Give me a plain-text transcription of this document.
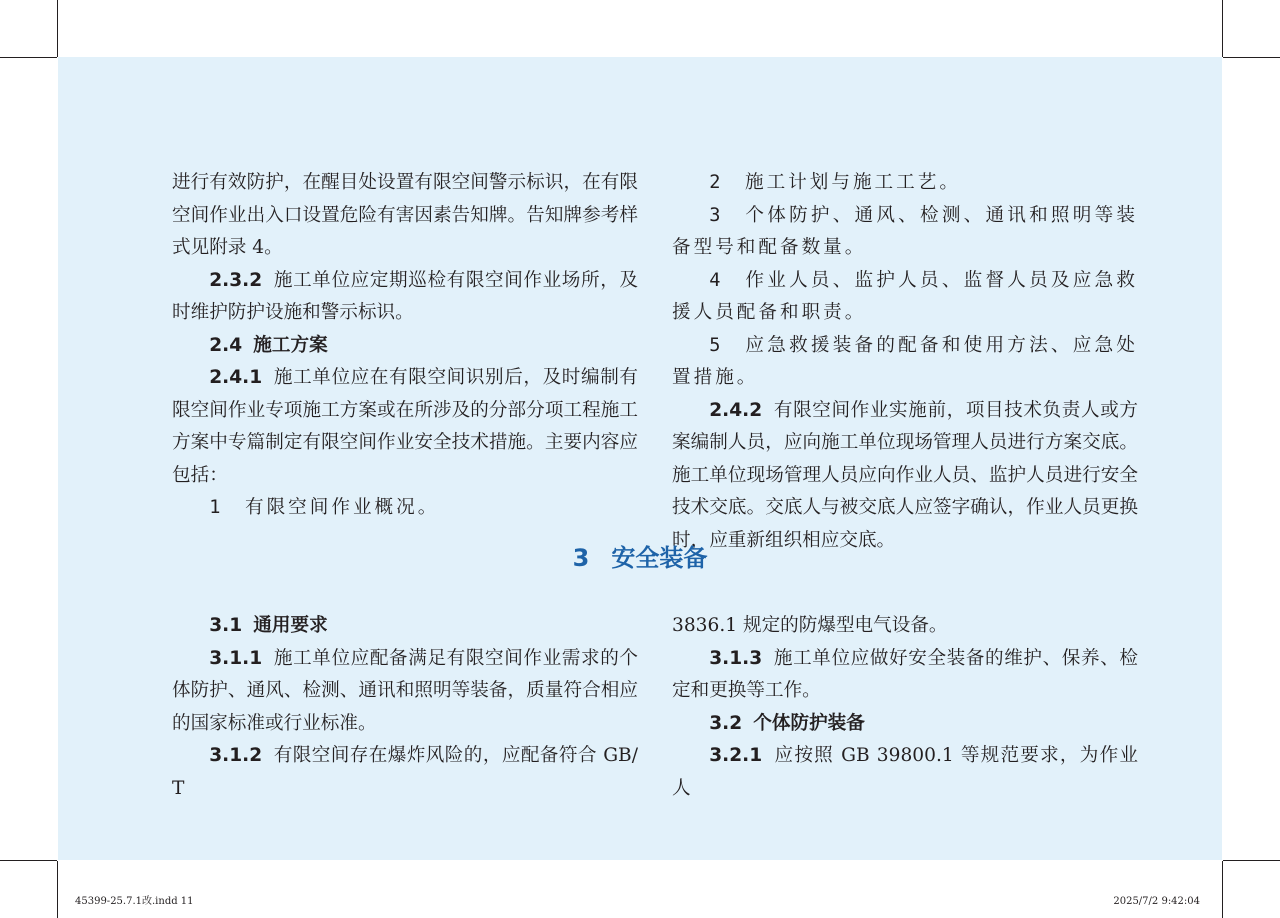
进行有效防护，在醒目处设置有限空间警示标识，在有限空间作业出入口设置危险有害因素告知牌。告知牌参考样式见附录 4。

2.3.2 施工单位应定期巡检有限空间作业场所，及时维护防护设施和警示标识。

2.4 施工方案

2.4.1 施工单位应在有限空间识别后，及时编制有限空间作业专项施工方案或在所涉及的分部分项工程施工方案中专篇制定有限空间作业安全技术措施。主要内容应包括：

1　有限空间作业概况。

2　施工计划与施工工艺。

3　个体防护、通风、检测、通讯和照明等装备型号和配备数量。

4　作业人员、监护人员、监督人员及应急救援人员配备和职责。

5　应急救援装备的配备和使用方法、应急处置措施。

2.4.2 有限空间作业实施前，项目技术负责人或方案编制人员，应向施工单位现场管理人员进行方案交底。施工单位现场管理人员应向作业人员、监护人员进行安全技术交底。交底人与被交底人应签字确认，作业人员更换时，应重新组织相应交底。

3 安全装备

3.1 通用要求

3.1.1 施工单位应配备满足有限空间作业需求的个体防护、通风、检测、通讯和照明等装备，质量符合相应的国家标准或行业标准。

3.1.2 有限空间存在爆炸风险的，应配备符合 GB/T

3836.1 规定的防爆型电气设备。

3.1.3 施工单位应做好安全装备的维护、保养、检定和更换等工作。

3.2 个体防护装备

3.2.1 应按照 GB 39800.1 等规范要求，为作业人

45399-25.7.1改.indd 11	2025/7/2 9:42:04
